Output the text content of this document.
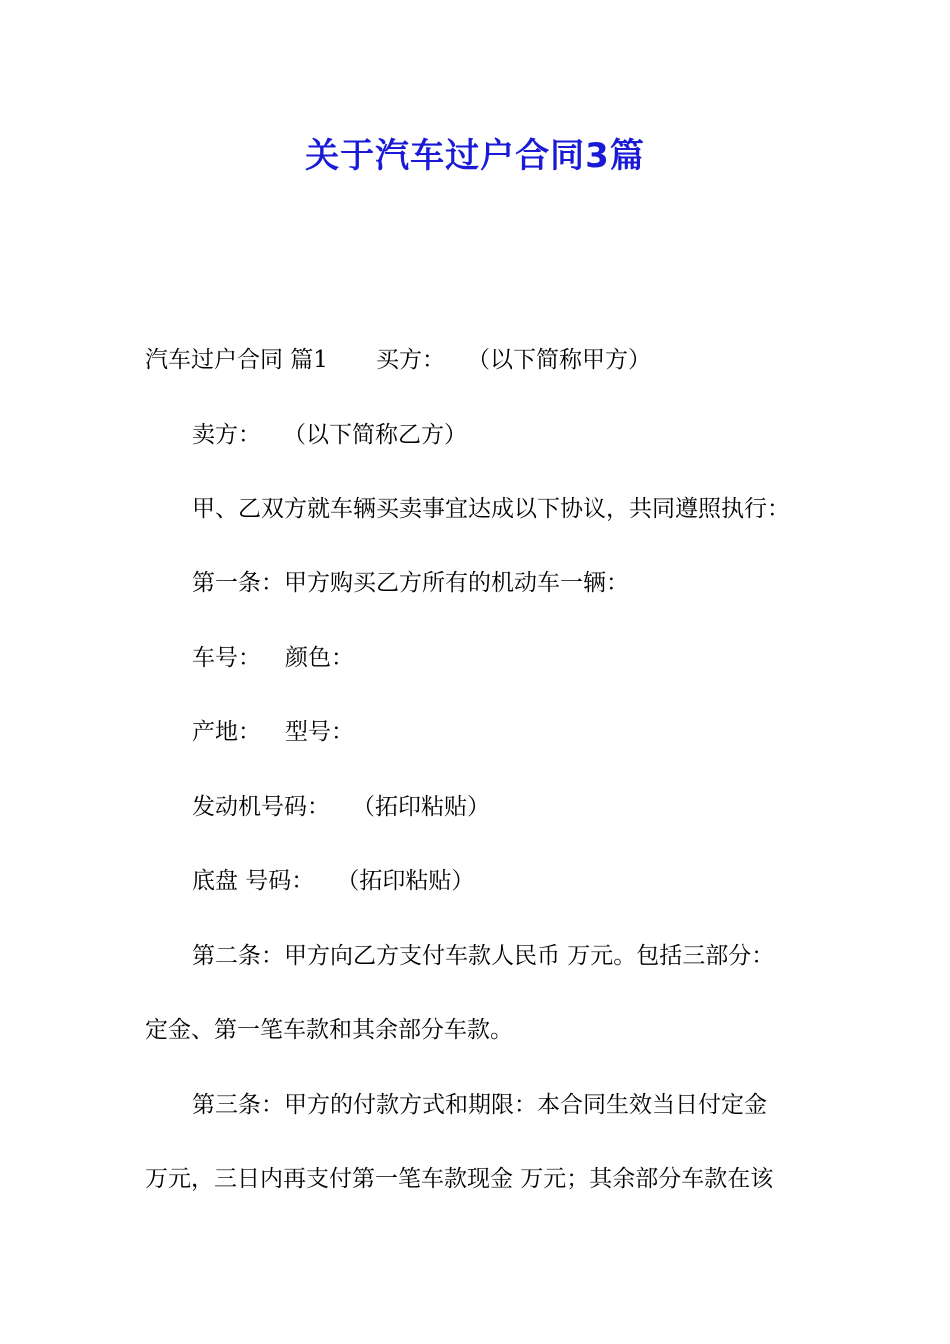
关于汽车过户合同3篇
汽车过户合同 篇1 买方： （以下简称甲方）
卖方： （以下简称乙方）
甲、乙双方就车辆买卖事宜达成以下协议，共同遵照执行：
第一条：甲方购买乙方所有的机动车一辆：
车号： 颜色：
产地： 型号：
发动机号码： （拓印粘贴）
底盘 号码： （拓印粘贴）
第二条：甲方向乙方支付车款人民币 万元。包括三部分：
定金、第一笔车款和其余部分车款。
第三条：甲方的付款方式和期限：本合同生效当日付定金
万元，三日内再支付第一笔车款现金 万元；其余部分车款在该
